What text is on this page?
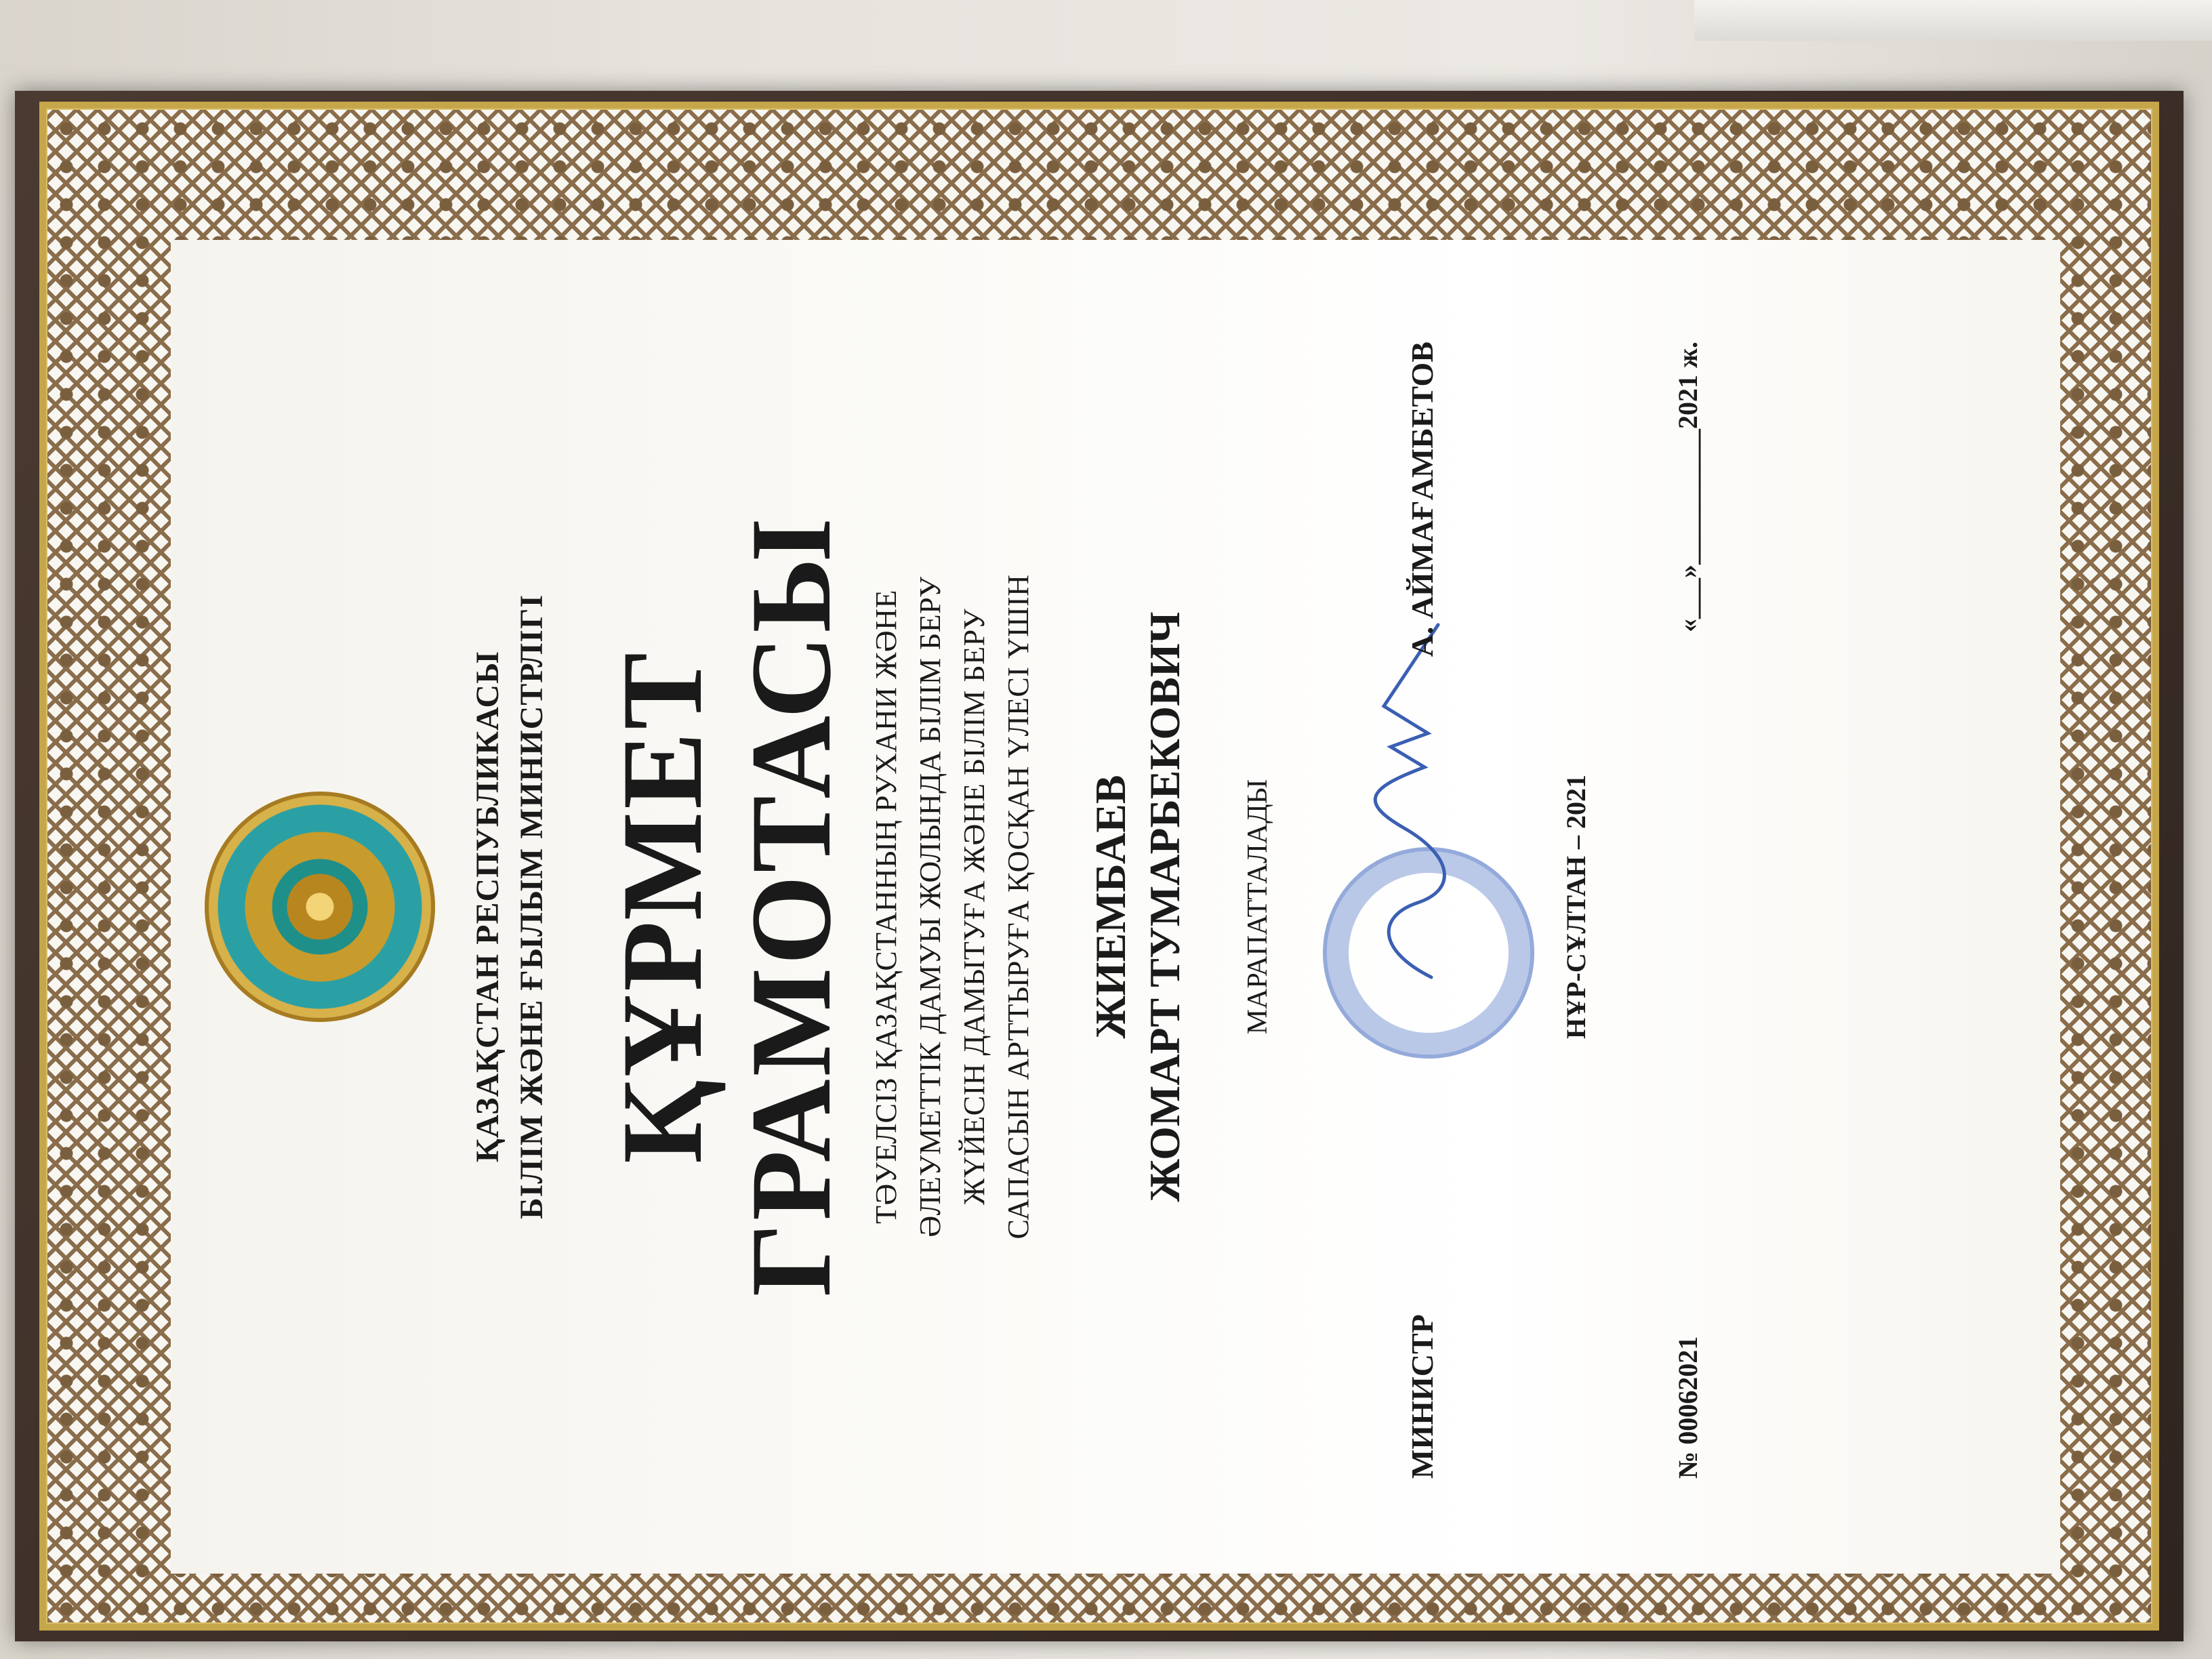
ҚАЗАҚСТАН РЕСПУБЛИКАСЫ БІЛІМ ЖӘНЕ ҒЫЛЫМ МИНИСТРЛІГІ ҚҰРМЕТ ГРАМОТАСЫ ТӘУЕЛСІЗ ҚАЗАҚСТАННЫҢ РУХАНИ ЖӘНЕ ӘЛЕУМЕТТІК ДАМУЫ ЖОЛЫНДА БІЛІМ БЕРУ ЖҮЙЕСІН ДАМЫТУҒА ЖӘНЕ БІЛІМ БЕРУ САПАСЫН АРТТЫРУҒА ҚОСҚАН ҮЛЕСІ ҮШІН ЖИЕМБАЕВ ЖОМАРТ ТУМАРБЕКОВИЧ МАРАПАТТАЛАДЫ
МИНИСТР
А. АЙМАҒАМБЕТОВ
НҰР-СҰЛТАН – 2021
№ 00062021
«___»__________2021 ж.
